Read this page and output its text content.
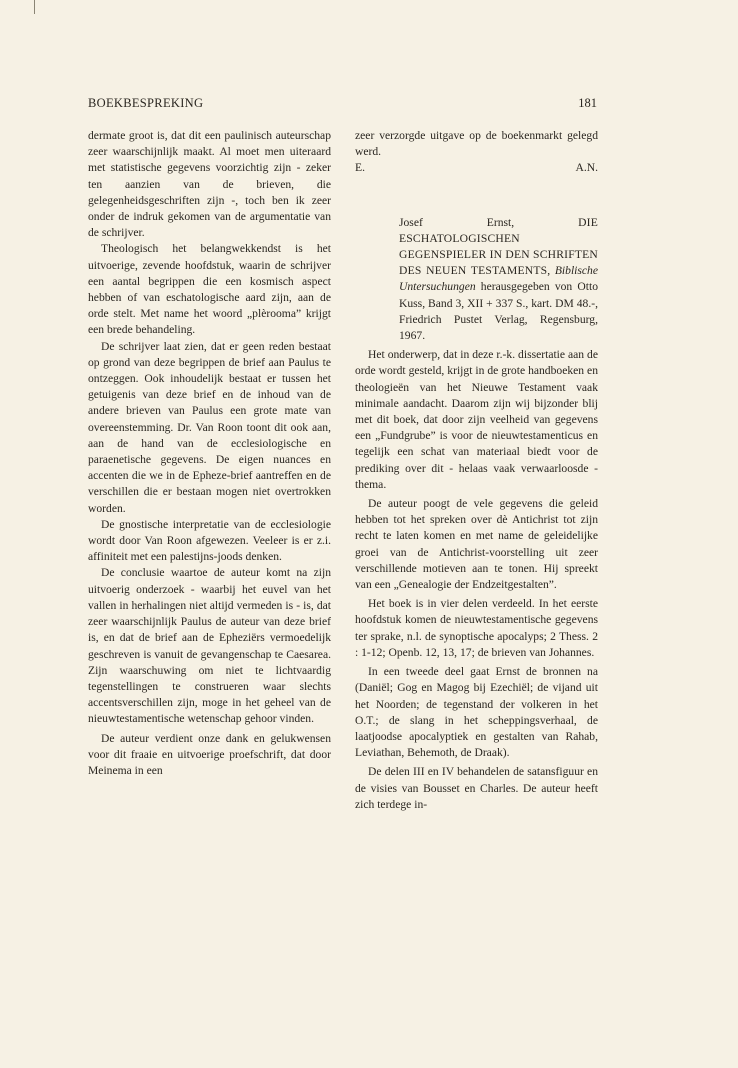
BOEKBESPREKING	181

dermate groot is, dat dit een paulinisch auteurschap zeer waarschijnlijk maakt. Al moet men uiteraard met statistische gegevens voorzichtig zijn - zeker ten aanzien van de brieven, die gelegenheidsgeschriften zijn -, toch ben ik zeer onder de indruk gekomen van de argumentatie van de schrijver.

Theologisch het belangwekkendst is het uitvoerige, zevende hoofdstuk, waarin de schrijver een aantal begrippen die een kosmisch aspect hebben of van eschatologische aard zijn, aan de orde stelt. Met name het woord „plèrooma” krijgt een brede behandeling.

De schrijver laat zien, dat er geen reden bestaat op grond van deze begrippen de brief aan Paulus te ontzeggen. Ook inhoudelijk bestaat er tussen het getuigenis van deze brief en de inhoud van de andere brieven van Paulus een grote mate van overeenstemming. Dr. Van Roon toont dit ook aan, aan de hand van de ecclesiologische en paraenetische gegevens. De eigen nuances en accenten die we in de Epheze-brief aantreffen en de verschillen die er bestaan mogen niet overtrokken worden.

De gnostische interpretatie van de ecclesiologie wordt door Van Roon afgewezen. Veeleer is er z.i. affiniteit met een palestijns-joods denken.

De conclusie waartoe de auteur komt na zijn uitvoerig onderzoek - waarbij het euvel van het vallen in herhalingen niet altijd vermeden is - is, dat zeer waarschijnlijk Paulus de auteur van deze brief is, en dat de brief aan de Epheziërs vermoedelijk geschreven is vanuit de gevangenschap te Caesarea. Zijn waarschuwing om niet te lichtvaardig tegenstellingen te construeren waar slechts accentsverschillen zijn, moge in het geheel van de nieuwtestamentische wetenschap gehoor vinden.

De auteur verdient onze dank en gelukwensen voor dit fraaie en uitvoerige proefschrift, dat door Meinema in een

zeer verzorgde uitgave op de boekenmarkt gelegd werd.

E.	A.N.
Josef Ernst, DIE ESCHATOLOGISCHEN GEGENSPIELER IN DEN SCHRIFTEN DES NEUEN TESTAMENTS, Biblische Untersuchungen herausgegeben von Otto Kuss, Band 3, XII + 337 S., kart. DM 48.-, Friedrich Pustet Verlag, Regensburg, 1967.

Het onderwerp, dat in deze r.-k. dissertatie aan de orde wordt gesteld, krijgt in de grote handboeken en theologieën van het Nieuwe Testament vaak minimale aandacht. Daarom zijn wij bijzonder blij met dit boek, dat door zijn veelheid van gegevens een „Fundgrube” is voor de nieuwtestamenticus en tegelijk een schat van materiaal biedt voor de prediking over dit - helaas vaak verwaarloosde - thema.

De auteur poogt de vele gegevens die geleid hebben tot het spreken over dè Antichrist tot zijn recht te laten komen en met name de geleidelijke groei van de Antichrist-voorstelling uit zeer verschillende motieven aan te tonen. Hij spreekt van een „Genealogie der Endzeitgestalten”.

Het boek is in vier delen verdeeld. In het eerste hoofdstuk komen de nieuwtestamentische gegevens ter sprake, n.l. de synoptische apocalyps; 2 Thess. 2 : 1-12; Openb. 12, 13, 17; de brieven van Johannes.

In een tweede deel gaat Ernst de bronnen na (Daniël; Gog en Magog bij Ezechiël; de vijand uit het Noorden; de tegenstand der volkeren in het O.T.; de slang in het scheppingsverhaal, de laatjoodse apocalyptiek en gestalten van Rahab, Leviathan, Behemoth, de Draak).

De delen III en IV behandelen de satansfiguur en de visies van Bousset en Charles. De auteur heeft zich terdege in-
